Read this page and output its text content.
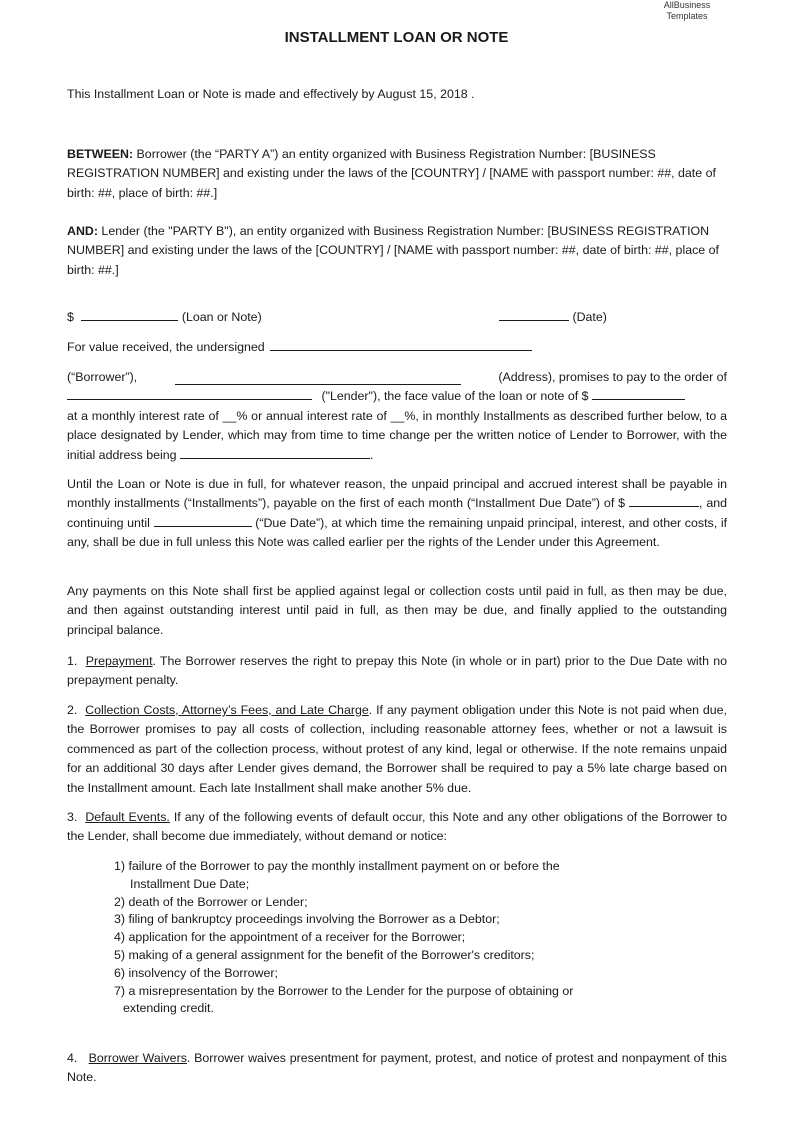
AllBusiness
Templates
INSTALLMENT LOAN OR NOTE

This Installment Loan or Note is made and effectively by August 15, 2018 .

BETWEEN: Borrower (the “PARTY A”) an entity organized with Business Registration Number: [BUSINESS REGISTRATION NUMBER] and existing under the laws of the [COUNTRY] / [NAME with passport number: ##, date of birth: ##, place of birth: ##.]

AND: Lender (the "PARTY B"), an entity organized with Business Registration Number: [BUSINESS REGISTRATION NUMBER] and existing under the laws of the [COUNTRY] / [NAME with passport number: ##, date of birth: ##, place of birth: ##.]

$	(Loan or Note)	(Date)
For value received, the undersigned
(“Borrower”),	(Address), promises to pay to the order of
("Lender"), the face value of the loan or note of $
at a monthly interest rate of __% or annual interest rate of __%, in monthly Installments as described further below, to a place designated by Lender, which may from time to time change per the written notice of Lender to Borrower, with the initial address being	.

Until the Loan or Note is due in full, for whatever reason, the unpaid principal and accrued interest shall be payable in monthly installments (“Installments”), payable on the first of each month (“Installment Due Date”) of $	, and continuing until	(“Due Date”), at which time the remaining unpaid principal, interest, and other costs, if any, shall be due in full unless this Note was called earlier per the rights of the Lender under this Agreement.

Any payments on this Note shall first be applied against legal or collection costs until paid in full, as then may be due, and then against outstanding interest until paid in full, as then may be due, and finally applied to the outstanding principal balance.

1. Prepayment. The Borrower reserves the right to prepay this Note (in whole or in part) prior to the Due Date with no prepayment penalty.

2. Collection Costs, Attorney’s Fees, and Late Charge. If any payment obligation under this Note is not paid when due, the Borrower promises to pay all costs of collection, including reasonable attorney fees, whether or not a lawsuit is commenced as part of the collection process, without protest of any kind, legal or otherwise. If the note remains unpaid for an additional 30 days after Lender gives demand, the Borrower shall be required to pay a 5% late charge based on the Installment amount. Each late Installment shall make another 5% due.

3. Default Events. If any of the following events of default occur, this Note and any other obligations of the Borrower to the Lender, shall become due immediately, without demand or notice:

1) failure of the Borrower to pay the monthly installment payment on or before the
Installment Due Date;
2) death of the Borrower or Lender;
3) filing of bankruptcy proceedings involving the Borrower as a Debtor;
4) application for the appointment of a receiver for the Borrower;
5) making of a general assignment for the benefit of the Borrower's creditors;
6) insolvency of the Borrower;
7) a misrepresentation by the Borrower to the Lender for the purpose of obtaining or
extending credit.

4. Borrower Waivers. Borrower waives presentment for payment, protest, and notice of protest and nonpayment of this Note.
